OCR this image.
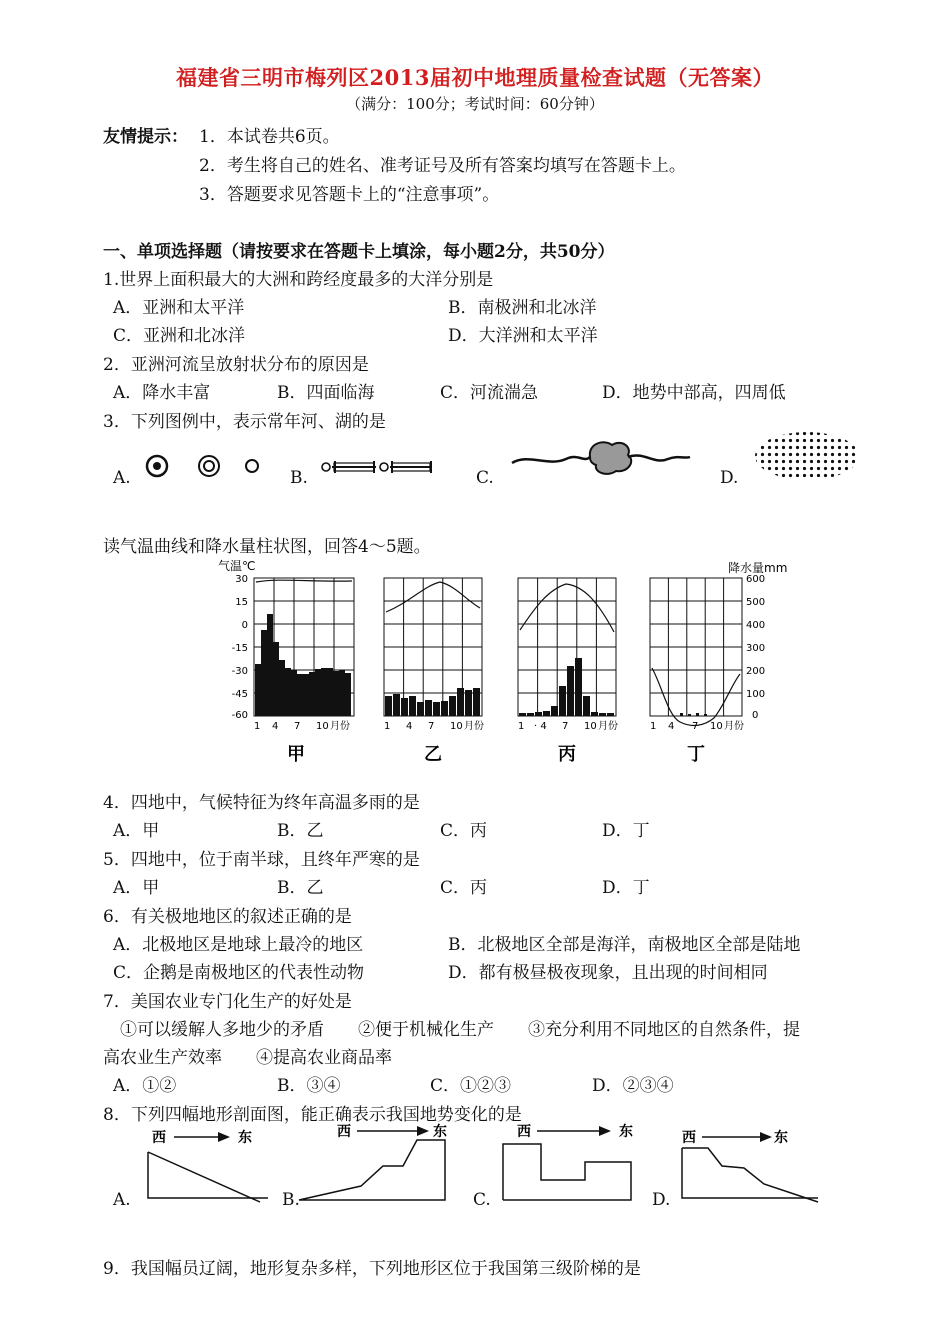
福建省三明市梅列区2013届初中地理质量检查试题（无答案）
（满分：100分；考试时间：60分钟）
友情提示： 1．本试卷共6页。
2．考生将自己的姓名、准考证号及所有答案均填写在答题卡上。
3．答题要求见答题卡上的“注意事项”。
一、单项选择题（请按要求在答题卡上填涂，每小题2分，共50分）
1.世界上面积最大的大洲和跨经度最多的大洋分别是
A．亚洲和太平洋	B．南极洲和北冰洋
C．亚洲和北冰洋	D．大洋洲和太平洋
2．亚洲河流呈放射状分布的原因是
A．降水丰富	B．四面临海	C．河流湍急	D．地势中部高，四周低
3．下列图例中，表示常年河、湖的是
A.	B.	C.	D.
读气温曲线和降水量柱状图，回答4～5题。
气温℃	降水量mm
30
15
0
-15
-30
-45
-60
1 4 7 10 月份
甲
1 4 7 10 月份
乙
1 · 4 7 10 月份
丙
600
500
400
300
200
100
0
1 4 7 10 月份
丁
4．四地中，气候特征为终年高温多雨的是
A．甲	B．乙	C．丙	D．丁
5．四地中，位于南半球，且终年严寒的是
A．甲	B．乙	C．丙	D．丁
6．有关极地地区的叙述正确的是
A．北极地区是地球上最冷的地区	B．北极地区全部是海洋，南极地区全部是陆地
C．企鹅是南极地区的代表性动物	D．都有极昼极夜现象，且出现的时间相同
7．美国农业专门化生产的好处是
①可以缓解人多地少的矛盾　　②便于机械化生产　　③充分利用不同地区的自然条件，提
高农业生产效率　　④提高农业商品率
A．①②	B．③④	C．①②③	D．②③④
8．下列四幅地形剖面图，能正确表示我国地势变化的是
A.	B.	C.	D.
西	东	西	东	西	东	西	东
9．我国幅员辽阔，地形复杂多样，下列地形区位于我国第三级阶梯的是
